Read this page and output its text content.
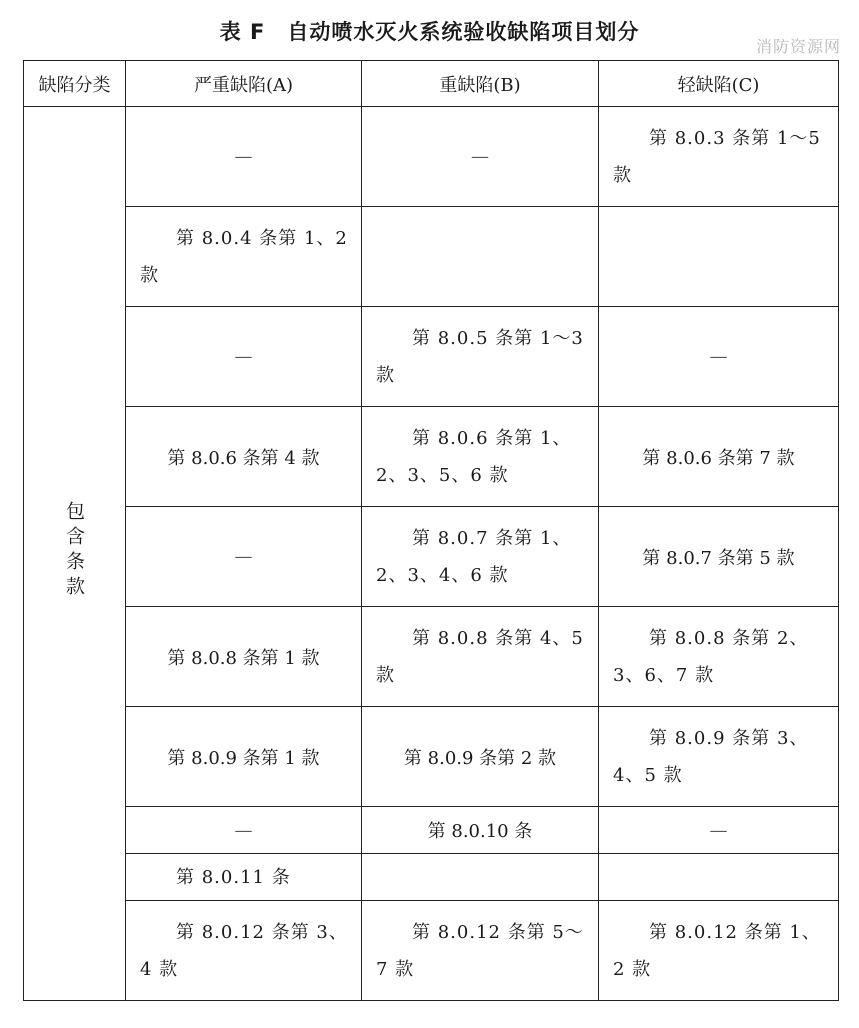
表 F　自动喷水灭火系统验收缺陷项目划分
消防资源网
缺陷分类	严重缺陷(A)	重缺陷(B)	轻缺陷(C)
包含条款	—	—	第 8.0.3 条第 1～5 款

	第 8.0.4 条第 1、2 款		

	—	第 8.0.5 条第 1～3 款	—
	第 8.0.6 条第 4 款	第 8.0.6 条第 1、2、3、5、6 款	第 8.0.6 条第 7 款
	—	第 8.0.7 条第 1、2、3、4、6 款	第 8.0.7 条第 5 款
	第 8.0.8 条第 1 款	第 8.0.8 条第 4、5 款	第 8.0.8 条第 2、3、6、7 款

	第 8.0.9 条第 1 款	第 8.0.9 条第 2 款	第 8.0.9 条第 3、4、5 款

	—	第 8.0.10 条	—

	第 8.0.11 条		

	第 8.0.12 条第 3、4 款	第 8.0.12 条第 5～7 款	第 8.0.12 条第 1、2 款
